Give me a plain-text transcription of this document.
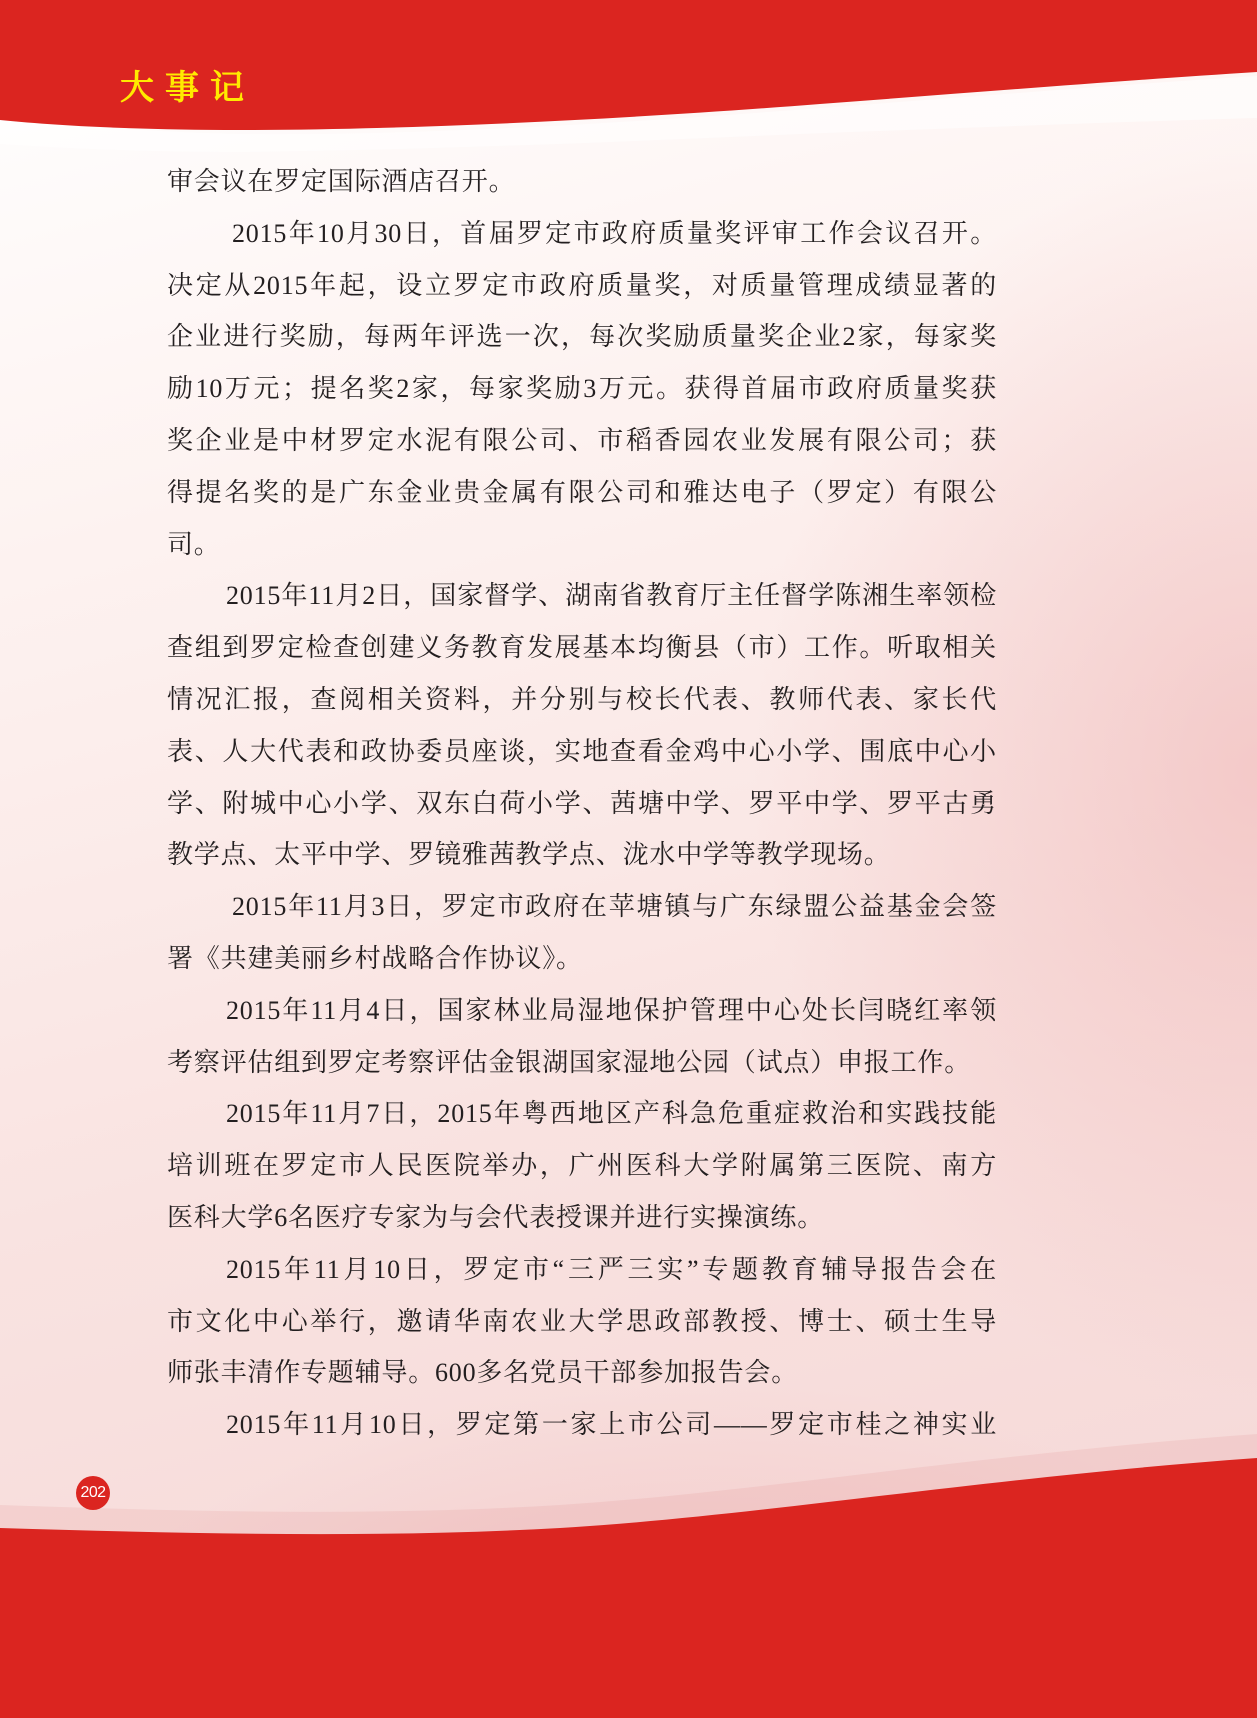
大事记
审会议在罗定国际酒店召开。
2015年10月30日，首届罗定市政府质量奖评审工作会议召开。
决定从2015年起，设立罗定市政府质量奖，对质量管理成绩显著的
企业进行奖励，每两年评选一次，每次奖励质量奖企业2家，每家奖
励10万元；提名奖2家，每家奖励3万元。获得首届市政府质量奖获
奖企业是中材罗定水泥有限公司、市稻香园农业发展有限公司；获
得提名奖的是广东金业贵金属有限公司和雅达电子（罗定）有限公
司。
2015年11月2日，国家督学、湖南省教育厅主任督学陈湘生率领检
查组到罗定检查创建义务教育发展基本均衡县（市）工作。听取相关
情况汇报，查阅相关资料，并分别与校长代表、教师代表、家长代
表、人大代表和政协委员座谈，实地查看金鸡中心小学、围底中心小
学、附城中心小学、双东白荷小学、茜塘中学、罗平中学、罗平古勇
教学点、太平中学、罗镜雅茜教学点、泷水中学等教学现场。
2015年11月3日，罗定市政府在苹塘镇与广东绿盟公益基金会签
署《共建美丽乡村战略合作协议》。
2015年11月4日，国家林业局湿地保护管理中心处长闫晓红率领
考察评估组到罗定考察评估金银湖国家湿地公园（试点）申报工作。
2015年11月7日，2015年粤西地区产科急危重症救治和实践技能
培训班在罗定市人民医院举办，广州医科大学附属第三医院、南方
医科大学6名医疗专家为与会代表授课并进行实操演练。
2015年11月10日，罗定市“三严三实”专题教育辅导报告会在
市文化中心举行，邀请华南农业大学思政部教授、博士、硕士生导
师张丰清作专题辅导。600多名党员干部参加报告会。
2015年11月10日，罗定第一家上市公司——罗定市桂之神实业
202
